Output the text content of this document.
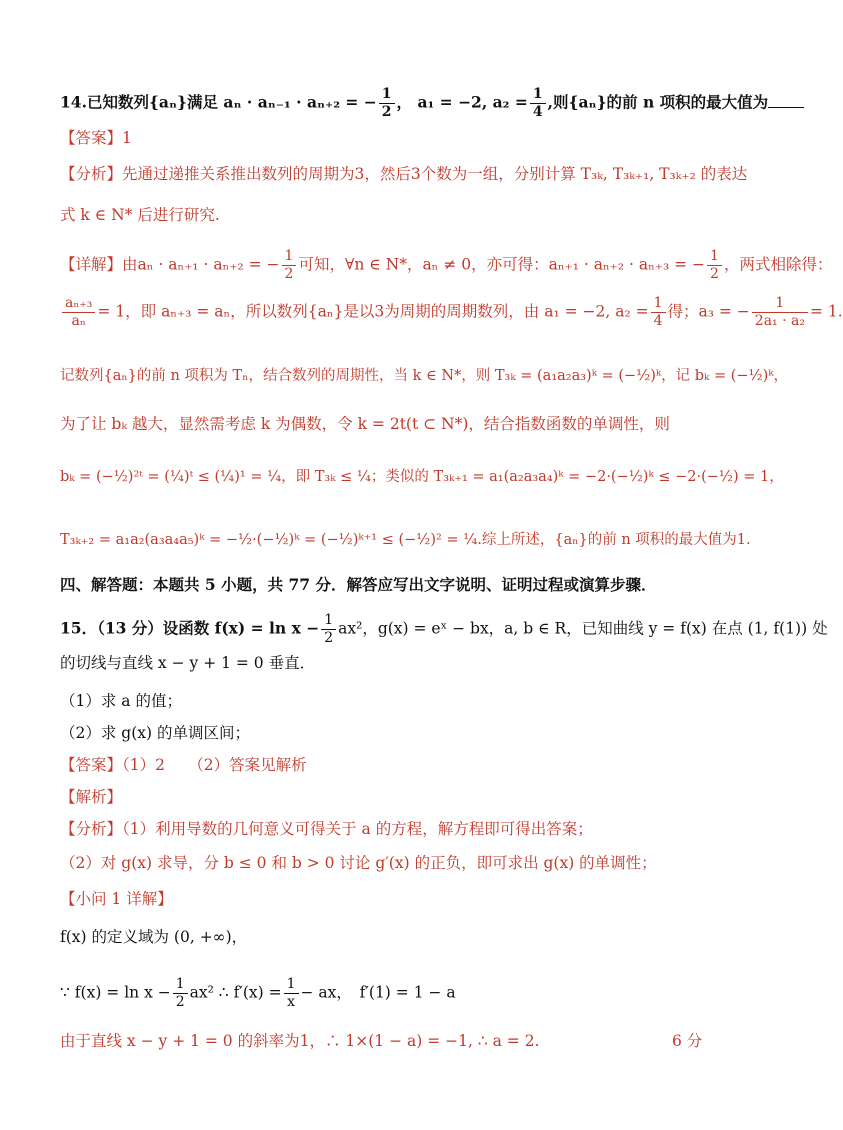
14.已知数列{aₙ}满足 aₙ · aₙ₋₁ · aₙ₊₂ = − $\frac{1}{2}$ ， a₁ = −2, $a_2 = \frac{1}{4}$ ,则{aₙ}的前 n 项积的最大值为
【答案】1
【分析】先通过递推关系推出数列的周期为3，然后3个数为一组，分别计算 T₃ₖ, T₃ₖ₊₁, T₃ₖ₊₂ 的表达
式 k ∈ N* 后进行研究.
【详解】由aₙ · aₙ₊₁ · aₙ₊₂ = − $\frac{1}{2}$ 可知，∀n ∈ N*，aₙ ≠ 0，亦可得：aₙ₊₁ · aₙ₊₂ · aₙ₊₃ = − $\frac{1}{2}$ ，两式相除得：
$\frac{\text{aₙ₊₃}}{\text{aₙ}} = 1$，即 aₙ₊₃ = aₙ，所以数列{aₙ}是以3为周期的周期数列，由 a₁ = −2, $a_2 = \frac{1}{4}$ 得；a₃ = − $\frac{1}{\text{2a₁ · a₂}} = 1$.
记数列{aₙ}的前 n 项积为 Tₙ，结合数列的周期性，当 k ∈ N*，则 T₃ₖ = (a₁a₂a₃)ᵏ = (−½)ᵏ，记 bₖ = (−½)ᵏ，
为了让 bₖ 越大，显然需考虑 k 为偶数，令 k = 2t(t ⊂ N*)，结合指数函数的单调性，则
bₖ = (−½)²ᵗ = (¼)ᵗ ≤ (¼)¹ = ¼，即 T₃ₖ ≤ ¼；类似的 T₃ₖ₊₁ = a₁(a₂a₃a₄)ᵏ = −2·(−½)ᵏ ≤ −2·(−½) = 1，
T₃ₖ₊₂ = a₁a₂(a₃a₄a₅)ᵏ = −½·(−½)ᵏ = (−½)ᵏ⁺¹ ≤ (−½)² = ¼.综上所述，{aₙ}的前 n 项积的最大值为1.
四、解答题：本题共 5 小题，共 77 分．解答应写出文字说明、证明过程或演算步骤．
15．（13 分）设函数 $f(x) = \ln x - \frac{1}{2} ax^2$，g(x) = eˣ − bx，a, b ∈ R，已知曲线 y = f(x) 在点 (1, f(1)) 处
的切线与直线 x − y + 1 = 0 垂直．
（1）求 a 的值；
（2）求 g(x) 的单调区间；
【答案】（1）2　　（2）答案见解析
【解析】
【分析】（1）利用导数的几何意义可得关于 a 的方程，解方程即可得出答案；
（2）对 g(x) 求导，分 b ≤ 0 和 b > 0 讨论 g′(x) 的正负，即可求出 g(x) 的单调性；
【小问 1 详解】
f(x) 的定义域为 (0, +∞)，
∵ $f(x) = \ln x - \frac{1}{2} ax^2$ ∴ $f'(x) = \frac{1}{x}$ − ax，　f′(1) = 1 − a
由于直线 x − y + 1 = 0 的斜率为1，∴ 1×(1 − a) = −1, ∴ a = 2.	6 分
